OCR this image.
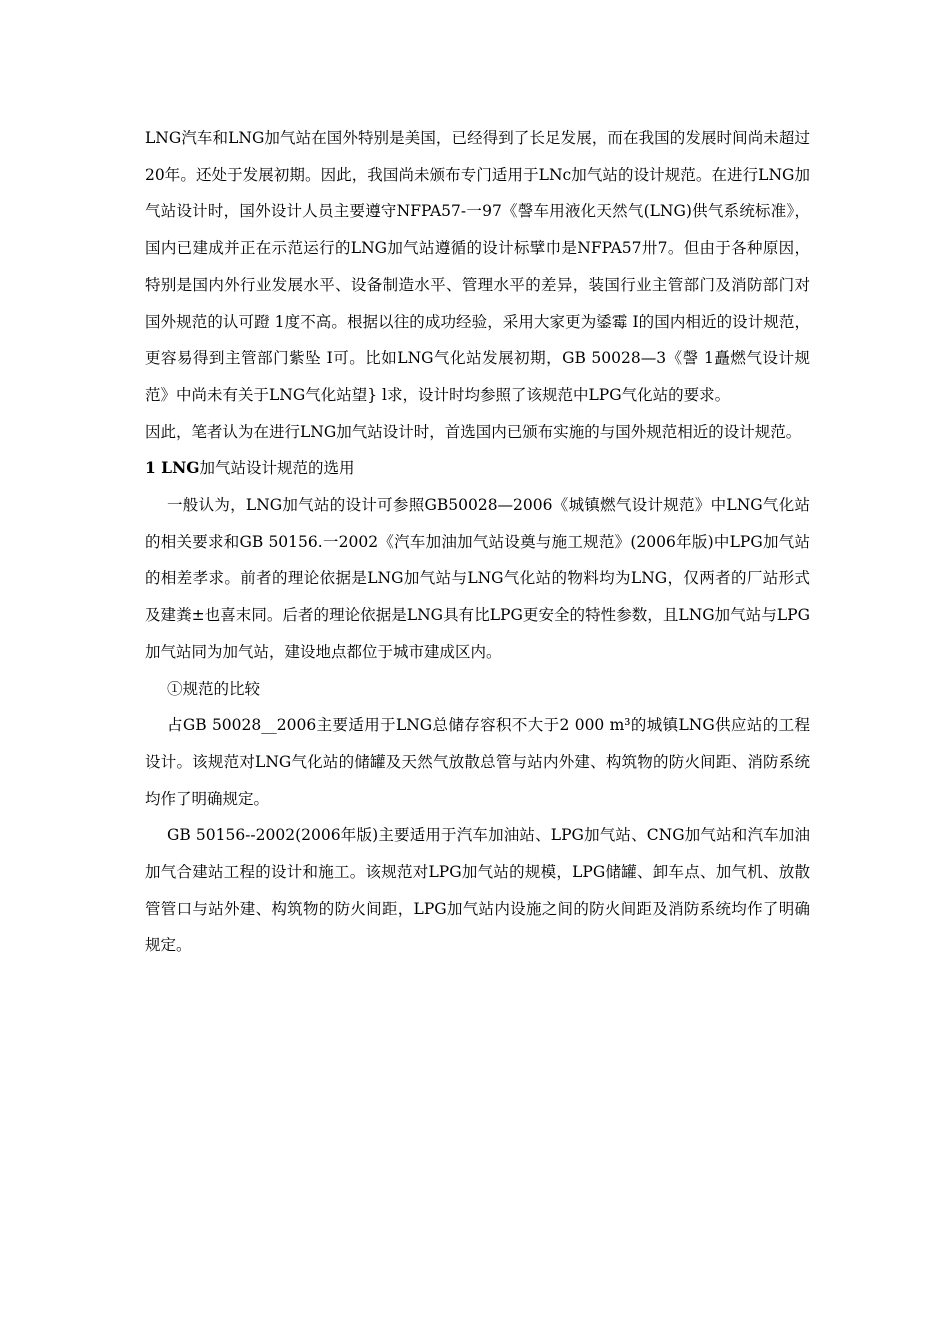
LNG汽车和LNG加气站在国外特别是美国，已经得到了长足发展，而在我国的发展时间尚未超过20年。还处于发展初期。因此，我国尚未颁布专门适用于LNc加气站的设计规范。在进行LNG加气站设计时，国外设计人员主要遵守NFPA57-一97《謦车用液化天然气(LNG)供气系统标准》，国内已建成并正在示范运行的LNG加气站遵循的设计标擘巾是NFPA57卅7。但由于各种原因，特别是国内外行业发展水平、设备制造水平、管理水平的差异，装国行业主管部门及消防部门对国外规范的认可蹬 1度不高。根据以往的成功经验，采用大家更为鋈霉 I的国内相近的设计规范，更容易得到主管部门紫坠 I可。比如LNG气化站发展初期，GB 50028—3《謦 1矗燃气设计规范》中尚未有关于LNG气化站望} l求，设计时均参照了该规范中LPG气化站的要求。

因此，笔者认为在进行LNG加气站设计时，首选国内已颁布实施的与国外规范相近的设计规范。

1 LNG加气站设计规范的选用

一般认为，LNG加气站的设计可参照GB50028—2006《城镇燃气设计规范》中LNG气化站的相关要求和GB 50156.一2002《汽车加油加气站设奠与施工规范》(2006年版)中LPG加气站的相差孝求。前者的理论依据是LNG加气站与LNG气化站的物料均为LNG，仅两者的厂站形式及建粪±也喜末同。后者的理论依据是LNG具有比LPG更安全的特性参数，且LNG加气站与LPG加气站同为加气站，建设地点都位于城市建成区内。

①规范的比较

占GB 50028__2006主要适用于LNG总储存容积不大于2 000 m³的城镇LNG供应站的工程设计。该规范对LNG气化站的储罐及天然气放散总管与站内外建、构筑物的防火间距、消防系统均作了明确规定。

GB 50156--2002(2006年版)主要适用于汽车加油站、LPG加气站、CNG加气站和汽车加油加气合建站工程的设计和施工。该规范对LPG加气站的规模，LPG储罐、卸车点、加气机、放散管管口与站外建、构筑物的防火间距，LPG加气站内设施之间的防火间距及消防系统均作了明确规定。
